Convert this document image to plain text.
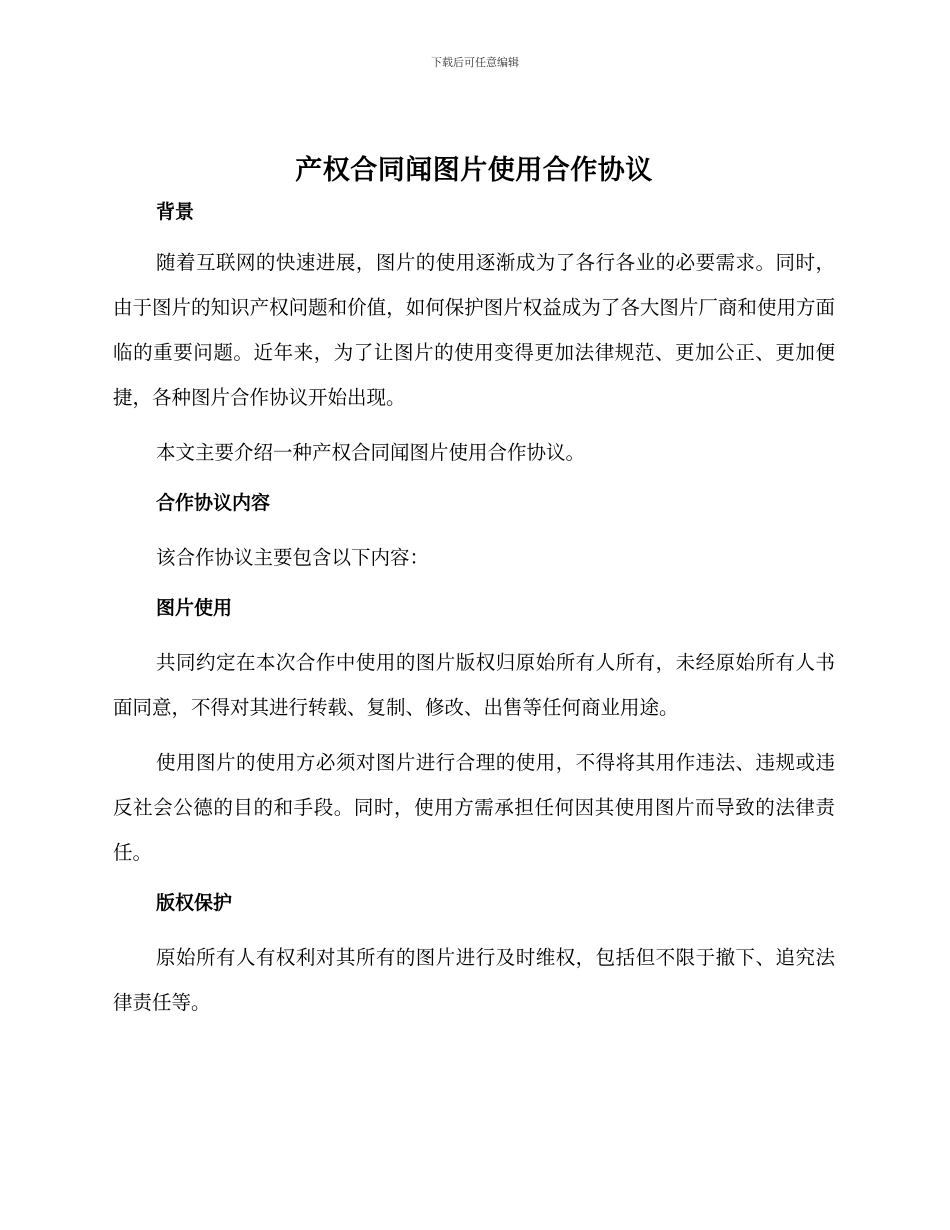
下载后可任意编辑
产权合同闻图片使用合作协议
背景

随着互联网的快速进展，图片的使用逐渐成为了各行各业的必要需求。同时，由于图片的知识产权问题和价值，如何保护图片权益成为了各大图片厂商和使用方面临的重要问题。近年来，为了让图片的使用变得更加法律规范、更加公正、更加便捷，各种图片合作协议开始出现。

本文主要介绍一种产权合同闻图片使用合作协议。

合作协议内容

该合作协议主要包含以下内容：

图片使用

共同约定在本次合作中使用的图片版权归原始所有人所有，未经原始所有人书面同意，不得对其进行转载、复制、修改、出售等任何商业用途。

使用图片的使用方必须对图片进行合理的使用，不得将其用作违法、违规或违反社会公德的目的和手段。同时，使用方需承担任何因其使用图片而导致的法律责任。

版权保护

原始所有人有权利对其所有的图片进行及时维权，包括但不限于撤下、追究法律责任等。
